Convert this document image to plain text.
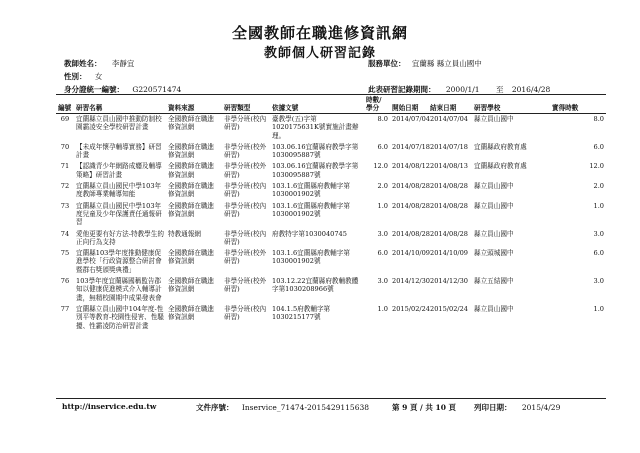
全國教師在職進修資訊網
教師個人研習記錄
教師姓名： 李靜宜
性別： 女
身分證統一編號： G220571474
服務單位： 宜蘭縣 縣立員山國中
此表研習記錄期間： 2000/1/1 至 2016/4/28
編號	研習名稱	資料來源	研習類型	依據文號	時數/學分	開始日期	結束日期	研習學校	實得時數
69	宜蘭縣立員山國中推動防制校園霸凌安全學校研習計畫	全國教師在職進修資訊網	非學分班(校內研習)	臺教學(五)字第1020175631K號實施計畫辦理。	8.0	2014/07/04	2014/07/04	縣立員山國中	8.0
70	【未成年懷孕輔導實務】研習計畫	全國教師在職進修資訊網	非學分班(校外研習)	103.06.16宜蘭縣府教學字第1030095887號	6.0	2014/07/18	2014/07/18	宜蘭縣政府教育處	6.0
71	【認識青少年網路成癮及輔導策略】研習計畫	全國教師在職進修資訊網	非學分班(校外研習)	103.06.16宜蘭縣府教學字第1030095887號	12.0	2014/08/12	2014/08/13	宜蘭縣政府教育處	12.0
72	宜蘭縣立員山國民中學103年度教師專業輔導知能	全國教師在職進修資訊網	非學分班(校內研習)	103.1.6宜蘭縣府教輔字第1030001902號	2.0	2014/08/28	2014/08/28	縣立員山國中	2.0
73	宜蘭縣立員山國民中學103年度兒童及少年保護責任通報研習	全國教師在職進修資訊網	非學分班(校內研習)	103.1.6宜蘭縣府教輔字第1030001902號	1.0	2014/08/28	2014/08/28	縣立員山國中	1.0
74	愛他更要有好方法-特教學生的正向行為支持	特教通報網	非學分班(校內研習)	府教特字第1030040745	3.0	2014/08/28	2014/08/28	縣立員山國中	3.0
75	宜蘭縣103學年度推動健康促進學校「行政資源整合研討會暨群右獎頒獎典禮」	全國教師在職進修資訊網	非學分班(校外研習)	103.1.6宜蘭縣府教輔字第1030001902號	6.0	2014/10/09	2014/10/09	縣立頭城國中	6.0
76	103學年度宜蘭縣國稱監告郡知以健康促進模式介入輔導計畫，無精校園期中成果發表會	全國教師在職進修資訊網	非學分班(校外研習)	103.12.22宜蘭縣府教輔教體字第1030208966號	3.0	2014/12/30	2014/12/30	縣立五結國中	3.0
77	宜蘭縣立員山國中104年度-性別平等教育-校園性侵害、性騷擾、性霸凌防治研習計畫	全國教師在職進修資訊網	非學分班(校內研習)	104.1.5府教輔字第1030215177號	1.0	2015/02/24	2015/02/24	縣立員山國中	1.0
http://inservice.edu.tw	文件序號： Inservice_71474-2015429115638	第 9 頁 / 共 10 頁 列印日期： 2015/4/29
